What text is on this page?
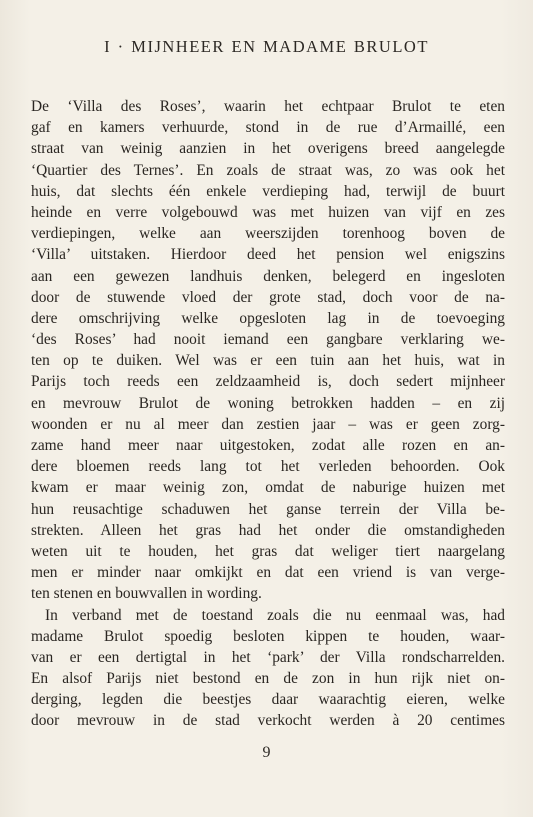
I · MIJNHEER EN MADAME BRULOT
De ‘Villa des Roses’, waarin het echtpaar Brulot te eten
gaf en kamers verhuurde, stond in de rue d’Armaillé, een
straat van weinig aanzien in het overigens breed aangelegde
‘Quartier des Ternes’. En zoals de straat was, zo was ook het
huis, dat slechts één enkele verdieping had, terwijl de buurt
heinde en verre volgebouwd was met huizen van vijf en zes
verdiepingen, welke aan weerszijden torenhoog boven de
‘Villa’ uitstaken. Hierdoor deed het pension wel enigszins
aan een gewezen landhuis denken, belegerd en ingesloten
door de stuwende vloed der grote stad, doch voor de na-
dere omschrijving welke opgesloten lag in de toevoeging
‘des Roses’ had nooit iemand een gangbare verklaring we-
ten op te duiken. Wel was er een tuin aan het huis, wat in
Parijs toch reeds een zeldzaamheid is, doch sedert mijnheer
en mevrouw Brulot de woning betrokken hadden – en zij
woonden er nu al meer dan zestien jaar – was er geen zorg-
zame hand meer naar uitgestoken, zodat alle rozen en an-
dere bloemen reeds lang tot het verleden behoorden. Ook
kwam er maar weinig zon, omdat de naburige huizen met
hun reusachtige schaduwen het ganse terrein der Villa be-
strekten. Alleen het gras had het onder die omstandigheden
weten uit te houden, het gras dat weliger tiert naargelang
men er minder naar omkijkt en dat een vriend is van verge-
ten stenen en bouwvallen in wording.
In verband met de toestand zoals die nu eenmaal was, had
madame Brulot spoedig besloten kippen te houden, waar-
van er een dertigtal in het ‘park’ der Villa rondscharrelden.
En alsof Parijs niet bestond en de zon in hun rijk niet on-
derging, legden die beestjes daar waarachtig eieren, welke
door mevrouw in de stad verkocht werden à 20 centimes
9
